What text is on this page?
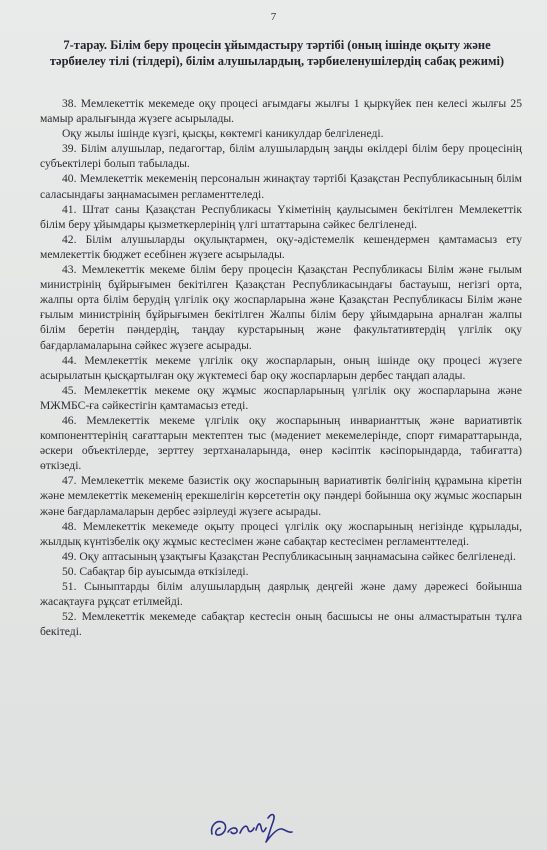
7
7-тарау. Білім беру процесін ұйымдастыру тәртібі (оның ішінде оқыту және тәрбиелеу тілі (тілдері), білім алушылардың, тәрбиеленушілердің сабақ режимі)

38. Мемлекеттік мекемеде оқу процесі ағымдағы жылғы 1 қыркүйек пен келесі жылғы 25 мамыр аралығында жүзеге асырылады.

Оқу жылы ішінде күзгі, қысқы, көктемгі каникулдар белгіленеді.

39. Білім алушылар, педагогтар, білім алушылардың заңды өкілдері білім беру процесінің субъектілері болып табылады.

40. Мемлекеттік мекеменің персоналын жинақтау тәртібі Қазақстан Республикасының білім саласындағы заңнамасымен регламенттеледі.

41. Штат саны Қазақстан Республикасы Үкіметінің қаулысымен бекітілген Мемлекеттік білім беру ұйымдары қызметкерлерінің үлгі штаттарына сәйкес белгіленеді.

42. Білім алушыларды оқулықтармен, оқу-әдістемелік кешендермен қамтамасыз ету мемлекеттік бюджет есебінен жүзеге асырылады.

43. Мемлекеттік мекеме білім беру процесін Қазақстан Республикасы Білім және ғылым министрінің бұйрығымен бекітілген Қазақстан Республикасындағы бастауыш, негізгі орта, жалпы орта білім берудің үлгілік оқу жоспарларына және Қазақстан Республикасы Білім және ғылым министрінің бұйрығымен бекітілген Жалпы білім беру ұйымдарына арналған жалпы білім беретін пәндердің, таңдау курстарының және факультативтердің үлгілік оқу бағдарламаларына сәйкес жүзеге асырады.

44. Мемлекеттік мекеме үлгілік оқу жоспарларын, оның ішінде оқу процесі жүзеге асырылатын қысқартылған оқу жүктемесі бар оқу жоспарларын дербес таңдап алады.

45. Мемлекеттік мекеме оқу жұмыс жоспарларының үлгілік оқу жоспарларына және МЖМБС-ға сәйкестігін қамтамасыз етеді.

46. Мемлекеттік мекеме үлгілік оқу жоспарының инварианттық және вариативтік компоненттерінің сағаттарын мектептен тыс (мәдениет мекемелерінде, спорт ғимараттарында, әскери объектілерде, зерттеу зертханаларында, өнер кәсіптік кәсіпорындарда, табиғатта) өткізеді.

47. Мемлекеттік мекеме базистік оқу жоспарының вариативтік бөлігінің құрамына кіретін және мемлекеттік мекеменің ерекшелігін көрсететін оқу пәндері бойынша оқу жұмыс жоспарын және бағдарламаларын дербес әзірлеуді жүзеге асырады.

48. Мемлекеттік мекемеде оқыту процесі үлгілік оқу жоспарының негізінде құрылады, жылдық күнтізбелік оқу жұмыс кестесімен және сабақтар кестесімен регламенттеледі.

49. Оқу аптасының ұзақтығы Қазақстан Республикасының заңнамасына сәйкес белгіленеді.

50. Сабақтар бір ауысымда өткізіледі.

51. Сыныптарды білім алушылардың даярлық деңгейі және даму дәрежесі бойынша жасақтауға рұқсат етілмейді.

52. Мемлекеттік мекемеде сабақтар кестесін оның басшысы не оны алмастыратын тұлға бекітеді.
